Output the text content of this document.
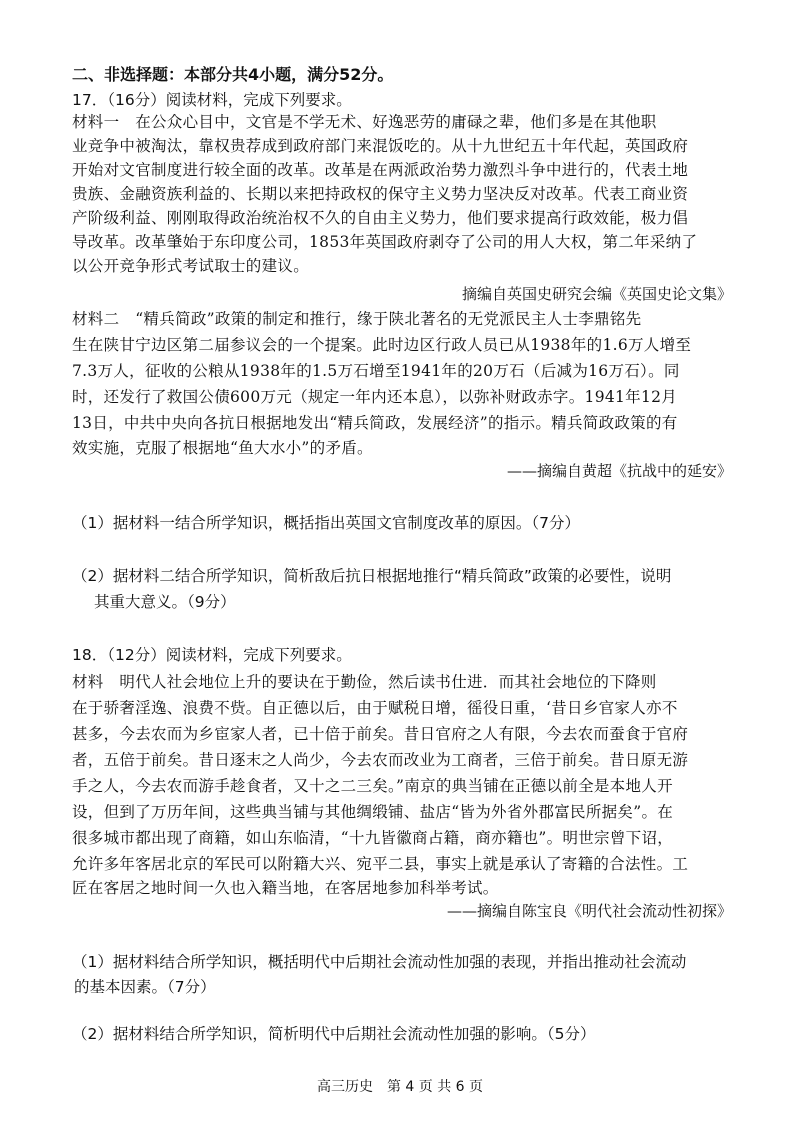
二、非选择题：本部分共4小题，满分52分。
17．（16分）阅读材料，完成下列要求。
材料一　在公众心目中，文官是不学无术、好逸恶劳的庸碌之辈，他们多是在其他职
业竞争中被淘汰，靠权贵荐成到政府部门来混饭吃的。从十九世纪五十年代起，英国政府
开始对文官制度进行较全面的改革。改革是在两派政治势力激烈斗争中进行的，代表土地
贵族、金融资族利益的、长期以来把持政权的保守主义势力坚决反对改革。代表工商业资
产阶级利益、刚刚取得政治统治权不久的自由主义势力，他们要求提高行政效能，极力倡
导改革。改革肇始于东印度公司，1853年英国政府剥夺了公司的用人大权，第二年采纳了
以公开竞争形式考试取士的建议。
摘编自英国史研究会编《英国史论文集》
材料二　“精兵简政”政策的制定和推行，缘于陕北著名的无党派民主人士李鼎铭先
生在陕甘宁边区第二届参议会的一个提案。此时边区行政人员已从1938年的1.6万人增至
7.3万人，征收的公粮从1938年的1.5万石增至1941年的20万石（后减为16万石）。同
时，还发行了救国公债600万元（规定一年内还本息），以弥补财政赤字。1941年12月
13日，中共中央向各抗日根据地发出“精兵简政，发展经济”的指示。精兵简政政策的有
效实施，克服了根据地“鱼大水小”的矛盾。
——摘编自黄超《抗战中的延安》
（1）据材料一结合所学知识，概括指出英国文官制度改革的原因。（7分）
（2）据材料二结合所学知识，简析敌后抗日根据地推行“精兵简政”政策的必要性，说明
其重大意义。（9分）
18．（12分）阅读材料，完成下列要求。
材料　明代人社会地位上升的要诀在于勤俭，然后读书仕进．而其社会地位的下降则
在于骄奢淫逸、浪费不赀。自正德以后，由于赋税日增，徭役日重，‘昔日乡官家人亦不
甚多，今去农而为乡宦家人者，已十倍于前矣。昔日官府之人有限，今去农而蚕食于官府
者，五倍于前矣。昔日逐末之人尚少，今去农而改业为工商者，三倍于前矣。昔日原无游
手之人，今去农而游手趁食者，又十之二三矣。”南京的典当铺在正德以前全是本地人开
设，但到了万历年间，这些典当铺与其他绸缎铺、盐店“皆为外省外郡富民所据矣”。在
很多城市都出现了商籍，如山东临清，“十九皆徽商占籍，商亦籍也”。明世宗曾下诏，
允许多年客居北京的军民可以附籍大兴、宛平二县，事实上就是承认了寄籍的合法性。工
匠在客居之地时间一久也入籍当地，在客居地参加科举考试。
——摘编自陈宝良《明代社会流动性初探》
（1）据材料结合所学知识，概括明代中后期社会流动性加强的表现，并指出推动社会流动
的基本因素。（7分）
（2）据材料结合所学知识，简析明代中后期社会流动性加强的影响。（5分）
高三历史　第 4 页 共 6 页
